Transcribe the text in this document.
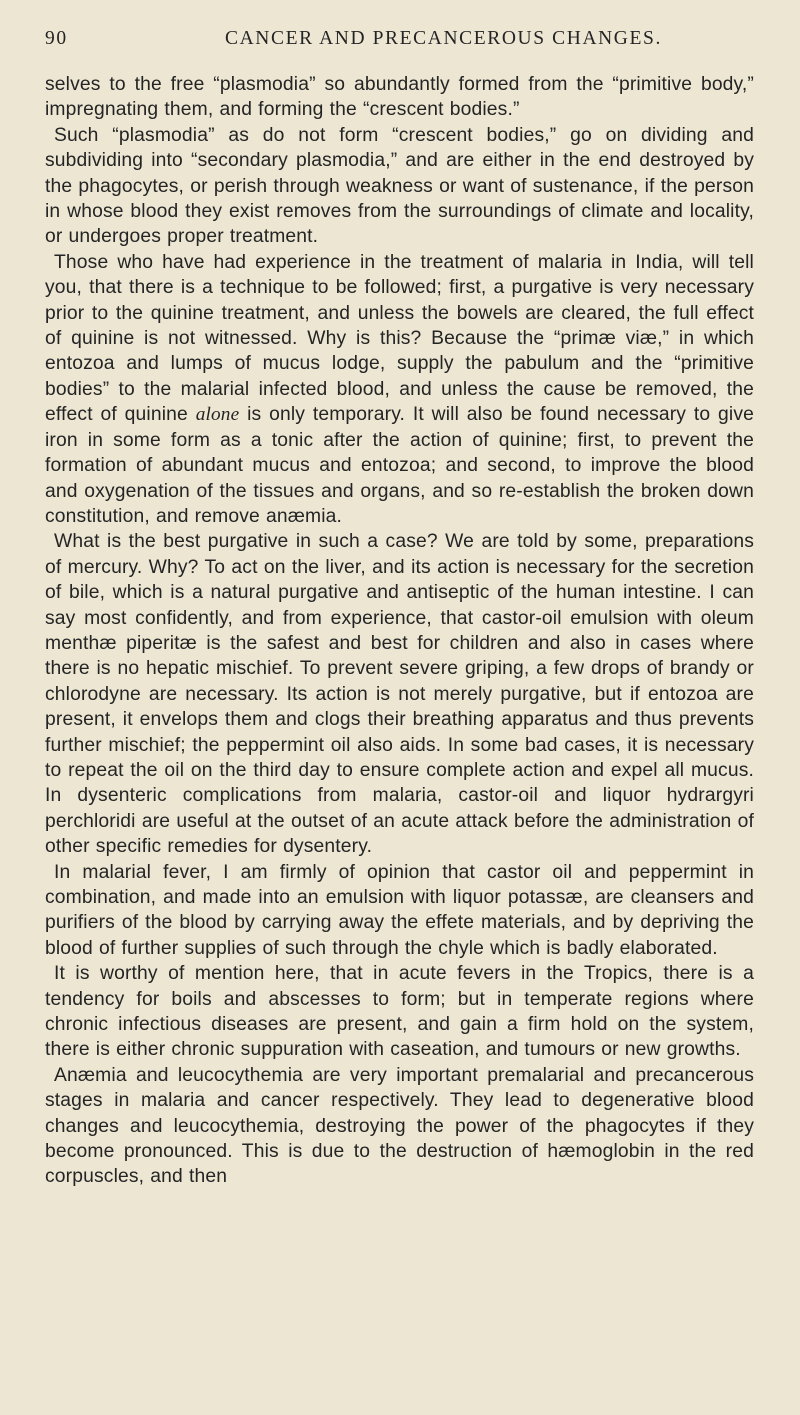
90	CANCER AND PRECANCEROUS CHANGES.

selves to the free “plasmodia” so abundantly formed from the “primitive body,” impregnating them, and forming the “crescent bodies.”

Such “plasmodia” as do not form “crescent bodies,” go on dividing and subdividing into “secondary plasmodia,” and are either in the end destroyed by the phagocytes, or perish through weakness or want of sustenance, if the person in whose blood they exist removes from the surroundings of climate and locality, or undergoes proper treatment.

Those who have had experience in the treatment of malaria in India, will tell you, that there is a technique to be followed; first, a purgative is very necessary prior to the quinine treatment, and unless the bowels are cleared, the full effect of quinine is not witnessed. Why is this? Because the “primæ viæ,” in which entozoa and lumps of mucus lodge, supply the pabulum and the “primitive bodies” to the malarial infected blood, and unless the cause be removed, the effect of quinine alone is only temporary. It will also be found necessary to give iron in some form as a tonic after the action of quinine; first, to prevent the formation of abundant mucus and entozoa; and second, to improve the blood and oxygenation of the tissues and organs, and so re-establish the broken down constitution, and remove anæmia.

What is the best purgative in such a case? We are told by some, preparations of mercury. Why? To act on the liver, and its action is necessary for the secretion of bile, which is a natural purgative and antiseptic of the human intestine. I can say most confidently, and from experience, that castor-oil emulsion with oleum menthæ piperitæ is the safest and best for children and also in cases where there is no hepatic mischief. To prevent severe griping, a few drops of brandy or chlorodyne are necessary. Its action is not merely purgative, but if entozoa are present, it envelops them and clogs their breathing apparatus and thus prevents further mischief; the peppermint oil also aids. In some bad cases, it is necessary to repeat the oil on the third day to ensure complete action and expel all mucus. In dysenteric complications from malaria, castor-oil and liquor hydrargyri perchloridi are useful at the outset of an acute attack before the administration of other specific remedies for dysentery.

In malarial fever, I am firmly of opinion that castor oil and peppermint in combination, and made into an emulsion with liquor potassæ, are cleansers and purifiers of the blood by carrying away the effete materials, and by depriving the blood of further supplies of such through the chyle which is badly elaborated.

It is worthy of mention here, that in acute fevers in the Tropics, there is a tendency for boils and abscesses to form; but in temperate regions where chronic infectious diseases are present, and gain a firm hold on the system, there is either chronic suppuration with caseation, and tumours or new growths.

Anæmia and leucocythemia are very important premalarial and precancerous stages in malaria and cancer respectively. They lead to degenerative blood changes and leucocythemia, destroying the power of the phagocytes if they become pronounced. This is due to the destruction of hæmoglobin in the red corpuscles, and then
